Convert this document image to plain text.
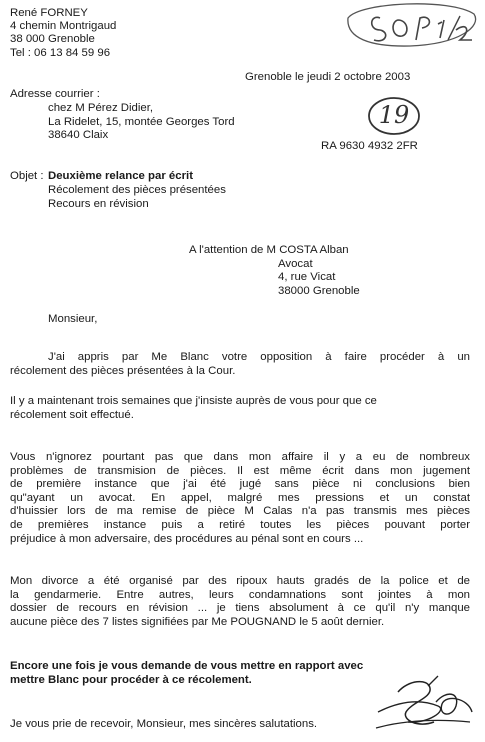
René FORNEY
4 chemin Montrigaud
38 000 Grenoble
Tel : 06 13 84 59 96
Grenoble le jeudi 2 octobre 2003
Adresse courrier :
chez M Pérez Didier,
La Ridelet, 15, montée Georges Tord
38640 Claix
19
RA 9630 4932 2FR
Objet : Deuxième relance par écrit
Récolement des pièces présentées
Recours en révision
A l'attention de M COSTA Alban
Avocat
4, rue Vicat
38000 Grenoble
Monsieur,
J'ai appris par Me Blanc votre opposition à faire procéder à un
récolement des pièces présentées à la Cour.
Il y a maintenant trois semaines que j'insiste auprès de vous pour que ce
récolement soit effectué.
Vous n'ignorez pourtant pas que dans mon affaire il y a eu de nombreux
problèmes de transmision de pièces. Il est même écrit dans mon jugement
de première instance que j'ai été jugé sans pièce ni conclusions bien
qu"ayant un avocat. En appel, malgré mes pressions et un constat
d'huissier lors de ma remise de pièce M Calas n'a pas transmis mes pièces
de premières instance puis a retiré toutes les pièces pouvant porter
préjudice à mon adversaire, des procédures au pénal sont en cours ...
Mon divorce a été organisé par des ripoux hauts gradés de la police et de
la gendarmerie. Entre autres, leurs condamnations sont jointes à mon
dossier de recours en révision ... je tiens absolument à ce qu'il n'y manque
aucune pièce des 7 listes signifiées par Me POUGNAND le 5 août dernier.
Encore une fois je vous demande de vous mettre en rapport avec
mettre Blanc pour procéder à ce récolement.
Je vous prie de recevoir, Monsieur, mes sincères salutations.
